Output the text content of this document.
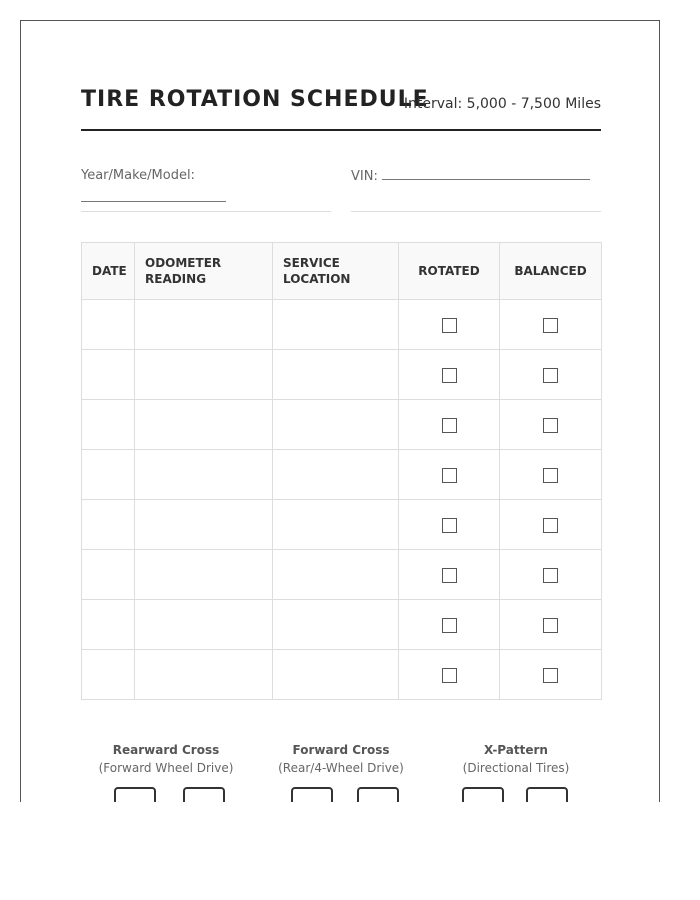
TIRE ROTATION SCHEDULE
Interval: 5,000 - 7,500 Miles
Year/Make/Model:	VIN:
DATE	ODOMETER READING	SERVICE LOCATION	ROTATED	BALANCED

Rearward Cross
(Forward Wheel Drive)
Forward Cross
(Rear/4-Wheel Drive)
X-Pattern
(Directional Tires)
